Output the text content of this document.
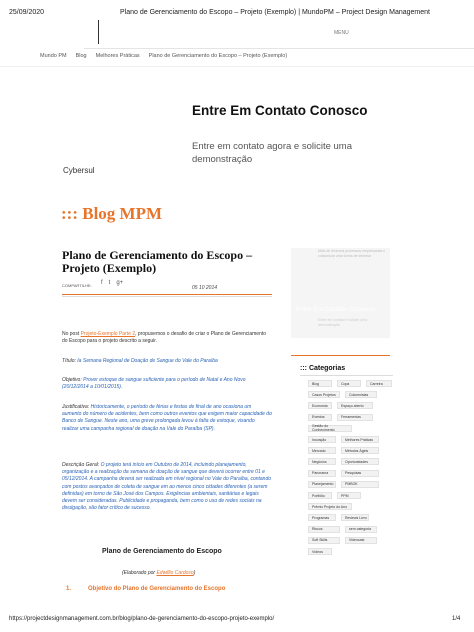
25/09/2020	Plano de Gerenciamento do Escopo – Projeto (Exemplo) | MundoPM – Project Design Management
MENU
Mundo PM Blog Melhores Práticas Plano de Gerenciamento do Escopo – Projeto (Exemplo)
Entre Em Contato Conosco
Entre em contato agora e solicite uma demonstração
Cybersul
::: Blog MPM
Plano de Gerenciamento do Escopo – Projeto (Exemplo)
COMPARTILHE: f t g+
05 10 2014
No post Projeto-Exemplo Parte 2, propusemos o desafio de criar o Plano de Gerenciamento do Escopo para o projeto descrito a seguir.
Título: Ia Semana Regional de Doação de Sangue do Vale do Paraíba
Objetivo: Prover estoque de sangue suficiente para o período de Natal e Ano Novo (20/12/2014 a 10/01/2015).
Justificativa: Historicamente, o período de férias e festas de final de ano ocasiona um aumento do número de acidentes, bem como outros eventos que exigem maior capacidade do Banco de Sangue. Neste ano, uma greve prolongada levou à falta de estoque, visando realizar uma campanha regional de doação na Vale do Paraíba (SP).
Descrição Geral: O projeto terá início em Outubro de 2014, incluindo planejamento, organização e a realização da semana de doação de sangue que deverá ocorrer entre 01 e 05/12/2014. A campanha deverá ser realizada em nível regional no Vale do Paraíba, contando com postos avançados de coleta de sangue em ao menos cinco cidades diferentes (a serem definidas) em torno de São José dos Campos. Exigências ambientais, sanitárias e legais devem ser consideradas. Publicidade e propaganda, bem como o uso de redes sociais na divulgação, são fator crítico de sucesso.
Plano de Gerenciamento do Escopo
(Elaborado por Edwillio Cardoso)
1.	Objetivo do Plano de Gerenciamento do Escopo
Mais de diversos processos empresariais e customizar uma forma de informar
Entre Em Contato Conosco
Entre em contato e solicite uma demonstração
::: Categorias
Blog	Copa	Carreira
Casos Projetos	Columnistas
Economia	Espaço aberto
Eventos	Ferramentas
Gestão do Conhecimento
Inovação	Melhores Práticas
Mercado	Métodos Ágeis
Negócios	Oportunidades
Panorama	Pesquisas
Planejamento	PMBOK
Portfólio	PPM
Prêmio Projeto do Ano
Programas	Reviews Livro
Riscos	sem categoria
Soft Skills	Videocast
Vídeos
https://projectdesignmanagement.com.br/blog/plano-de-gerenciamento-do-escopo-projeto-exemplo/	1/4
